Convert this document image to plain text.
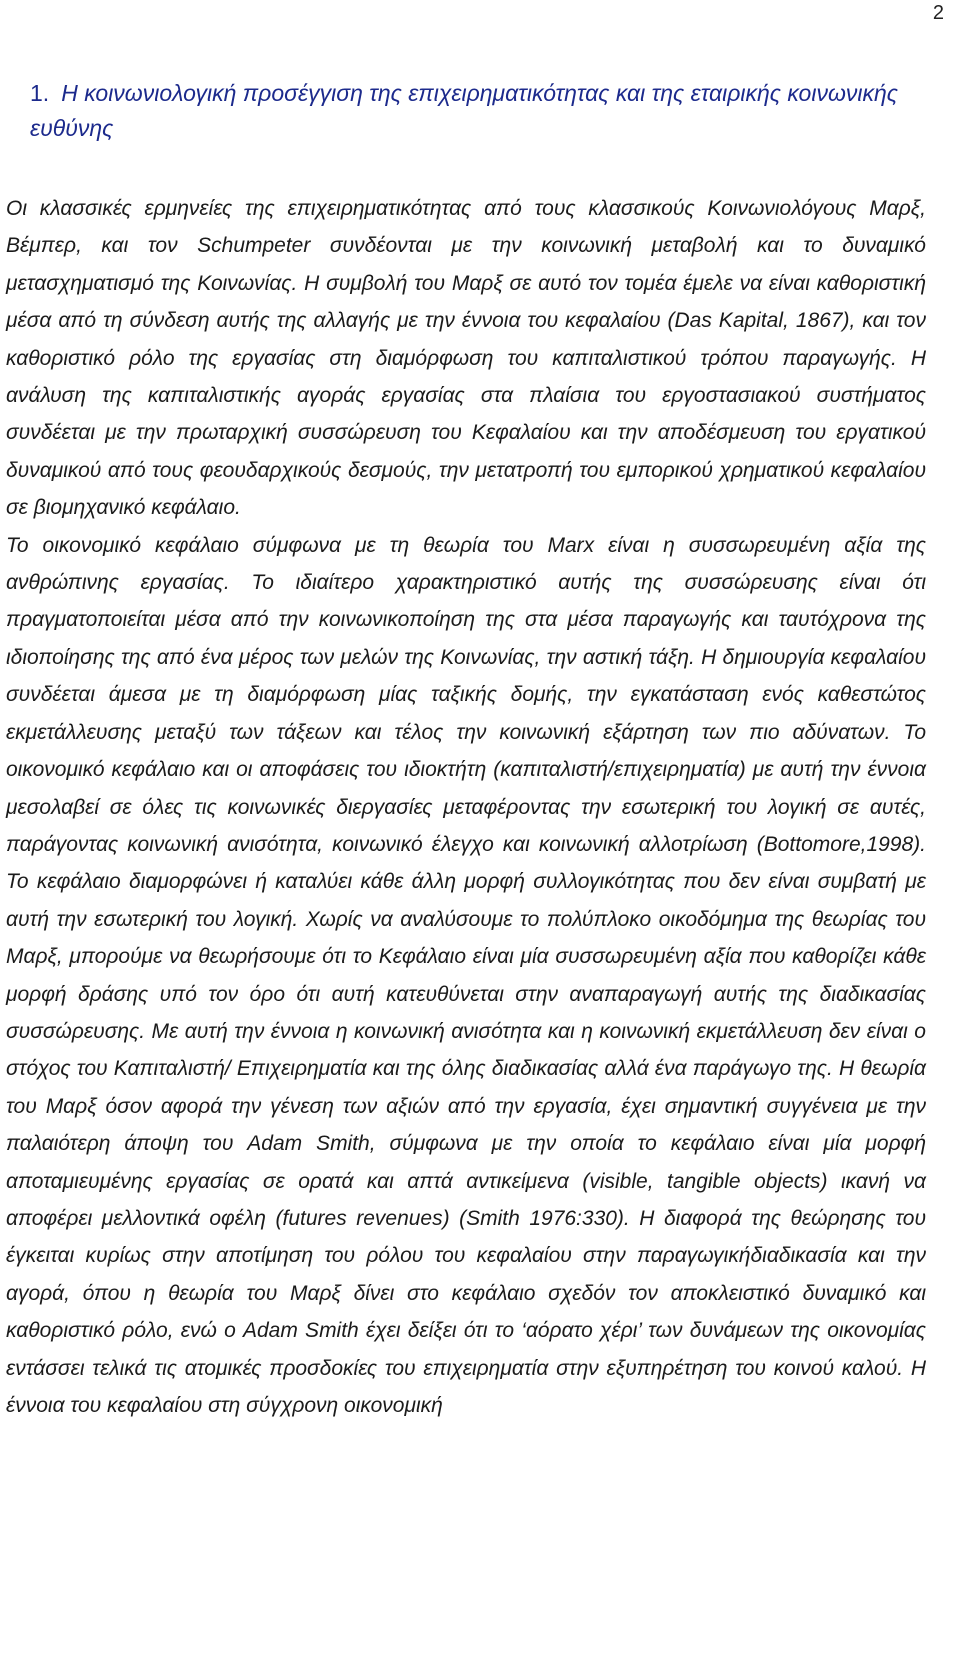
2
1. Η κοινωνιολογική προσέγγιση της επιχειρηματικότητας και της εταιρικής κοινωνικής ευθύνης

Οι κλασσικές ερμηνείες της επιχειρηματικότητας από τους κλασσικούς Κοινωνιολόγους Μαρξ, Βέμπερ, και τον Schumpeter συνδέονται με την κοινωνική μεταβολή και το δυναμικό μετασχηματισμό της Κοινωνίας. Η συμβολή του Μαρξ σε αυτό τον τομέα έμελε να είναι καθοριστική μέσα από τη σύνδεση αυτής της αλλαγής με την έννοια του κεφαλαίου (Das Kapital, 1867), και τον καθοριστικό ρόλο της εργασίας στη διαμόρφωση του καπιταλιστικού τρόπου παραγωγής. Η ανάλυση της καπιταλιστικής αγοράς εργασίας στα πλαίσια του εργοστασιακού συστήματος συνδέεται με την πρωταρχική συσσώρευση του Κεφαλαίου και την αποδέσμευση του εργατικού δυναμικού από τους φεουδαρχικούς δεσμούς, την μετατροπή του εμπορικού χρηματικού κεφαλαίου σε βιομηχανικό κεφάλαιο.

Το οικονομικό κεφάλαιο σύμφωνα με τη θεωρία του Marx είναι η συσσωρευμένη αξία της ανθρώπινης εργασίας. Το ιδιαίτερο χαρακτηριστικό αυτής της συσσώρευσης είναι ότι πραγματοποιείται μέσα από την κοινωνικοποίηση της στα μέσα παραγωγής και ταυτόχρονα της ιδιοποίησης της από ένα μέρος των μελών της Κοινωνίας, την αστική τάξη. Η δημιουργία κεφαλαίου συνδέεται άμεσα με τη διαμόρφωση μίας ταξικής δομής, την εγκατάσταση ενός καθεστώτος εκμετάλλευσης μεταξύ των τάξεων και τέλος την κοινωνική εξάρτηση των πιο αδύνατων. Το οικονομικό κεφάλαιο και οι αποφάσεις του ιδιοκτήτη (καπιταλιστή/επιχειρηματία) με αυτή την έννοια μεσολαβεί σε όλες τις κοινωνικές διεργασίες μεταφέροντας την εσωτερική του λογική σε αυτές, παράγοντας κοινωνική ανισότητα, κοινωνικό έλεγχο και κοινωνική αλλοτρίωση (Bottomore,1998). Το κεφάλαιο διαμορφώνει ή καταλύει κάθε άλλη μορφή συλλογικότητας που δεν είναι συμβατή με αυτή την εσωτερική του λογική. Χωρίς να αναλύσουμε το πολύπλοκο οικοδόμημα της θεωρίας του Μαρξ, μπορούμε να θεωρήσουμε ότι το Κεφάλαιο είναι μία συσσωρευμένη αξία που καθορίζει κάθε μορφή δράσης υπό τον όρο ότι αυτή κατευθύνεται στην αναπαραγωγή αυτής της διαδικασίας συσσώρευσης. Με αυτή την έννοια η κοινωνική ανισότητα και η κοινωνική εκμετάλλευση δεν είναι ο στόχος του Καπιταλιστή/ Επιχειρηματία και της όλης διαδικασίας αλλά ένα παράγωγο της. Η θεωρία του Μαρξ όσον αφορά την γένεση των αξιών από την εργασία, έχει σημαντική συγγένεια με την παλαιότερη άποψη του Adam Smith, σύμφωνα με την οποία το κεφάλαιο είναι μία μορφή αποταμιευμένης εργασίας σε ορατά και απτά αντικείμενα (visible, tangible objects) ικανή να αποφέρει μελλοντικά οφέλη (futures revenues) (Smith 1976:330). Η διαφορά της θεώρησης του έγκειται κυρίως στην αποτίμηση του ρόλου του κεφαλαίου στην παραγωγικήδιαδικασία και την αγορά, όπου η θεωρία του Μαρξ δίνει στο κεφάλαιο σχεδόν τον αποκλειστικό δυναμικό και καθοριστικό ρόλο, ενώ ο Adam Smith έχει δείξει ότι το ‘αόρατο χέρι’ των δυνάμεων της οικονομίας εντάσσει τελικά τις ατομικές προσδοκίες του επιχειρηματία στην εξυπηρέτηση του κοινού καλού. Η έννοια του κεφαλαίου στη σύγχρονη οικονομική
